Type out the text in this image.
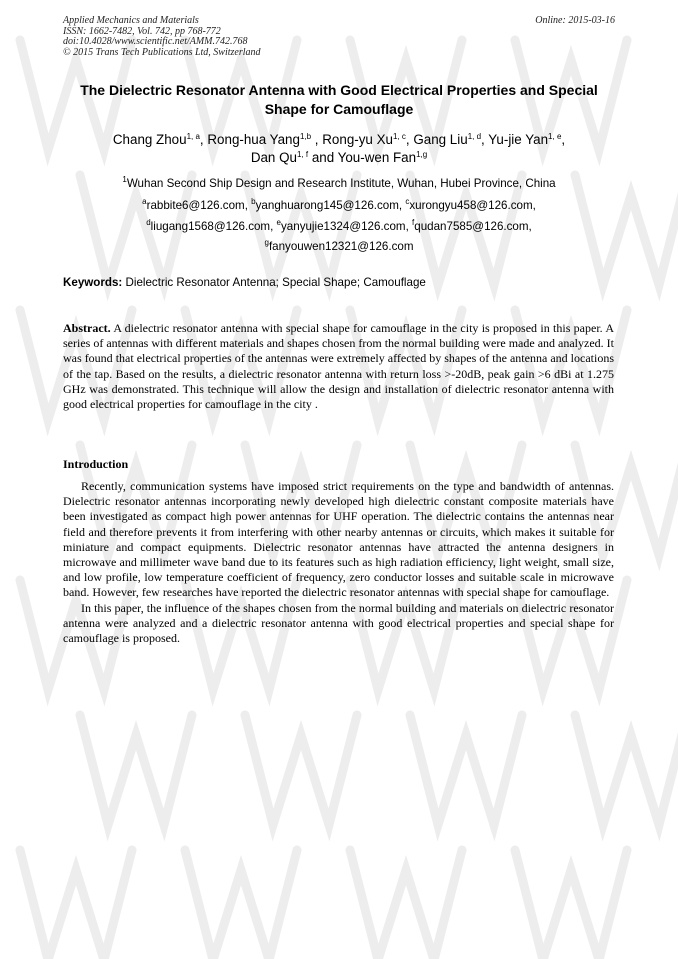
Applied Mechanics and Materials
ISSN: 1662-7482, Vol. 742, pp 768-772
doi:10.4028/www.scientific.net/AMM.742.768
© 2015 Trans Tech Publications Ltd, Switzerland
Online: 2015-03-16
The Dielectric Resonator Antenna with Good Electrical Properties and Special Shape for Camouflage
Chang Zhou$^{1, a}$, Rong-hua Yang$^{1,b}$ , Rong-yu Xu$^{1, c}$, Gang Liu$^{1, d}$, Yu-jie Yan$^{1, e}$,
Dan Qu$^{1, f}$ and You-wen Fan$^{1,g}$
$^1$Wuhan Second Ship Design and Research Institute, Wuhan, Hubei Province, China
$^a$rabbite6@126.com, $^b$yanghuarong145@126.com, $^c$xurongyu458@126.com,
$^d$liugang1568@126.com, $^e$yanyujie1324@126.com, $^f$qudan7585@126.com,
$^g$fanyouwen12321@126.com
Keywords: Dielectric Resonator Antenna; Special Shape; Camouflage

Abstract. A dielectric resonator antenna with special shape for camouflage in the city is proposed in this paper. A series of antennas with different materials and shapes chosen from the normal building were made and analyzed. It was found that electrical properties of the antennas were extremely affected by shapes of the antenna and locations of the tap. Based on the results, a dielectric resonator antenna with return loss >-20dB, peak gain >6 dBi at 1.275 GHz was demonstrated. This technique will allow the design and installation of dielectric resonator antenna with good electrical properties for camouflage in the city .

Introduction

Recently, communication systems have imposed strict requirements on the type and bandwidth of antennas. Dielectric resonator antennas incorporating newly developed high dielectric constant composite materials have been investigated as compact high power antennas for UHF operation. The dielectric contains the antennas near field and therefore prevents it from interfering with other nearby antennas or circuits, which makes it suitable for miniature and compact equipments. Dielectric resonator antennas have attracted the antenna designers in microwave and millimeter wave band due to its features such as high radiation efficiency, light weight, small size, and low profile, low temperature coefficient of frequency, zero conductor losses and suitable scale in microwave band. However, few researches have reported the dielectric resonator antennas with special shape for camouflage.

In this paper, the influence of the shapes chosen from the normal building and materials on dielectric resonator antenna were analyzed and a dielectric resonator antenna with good electrical properties and special shape for camouflage is proposed.
